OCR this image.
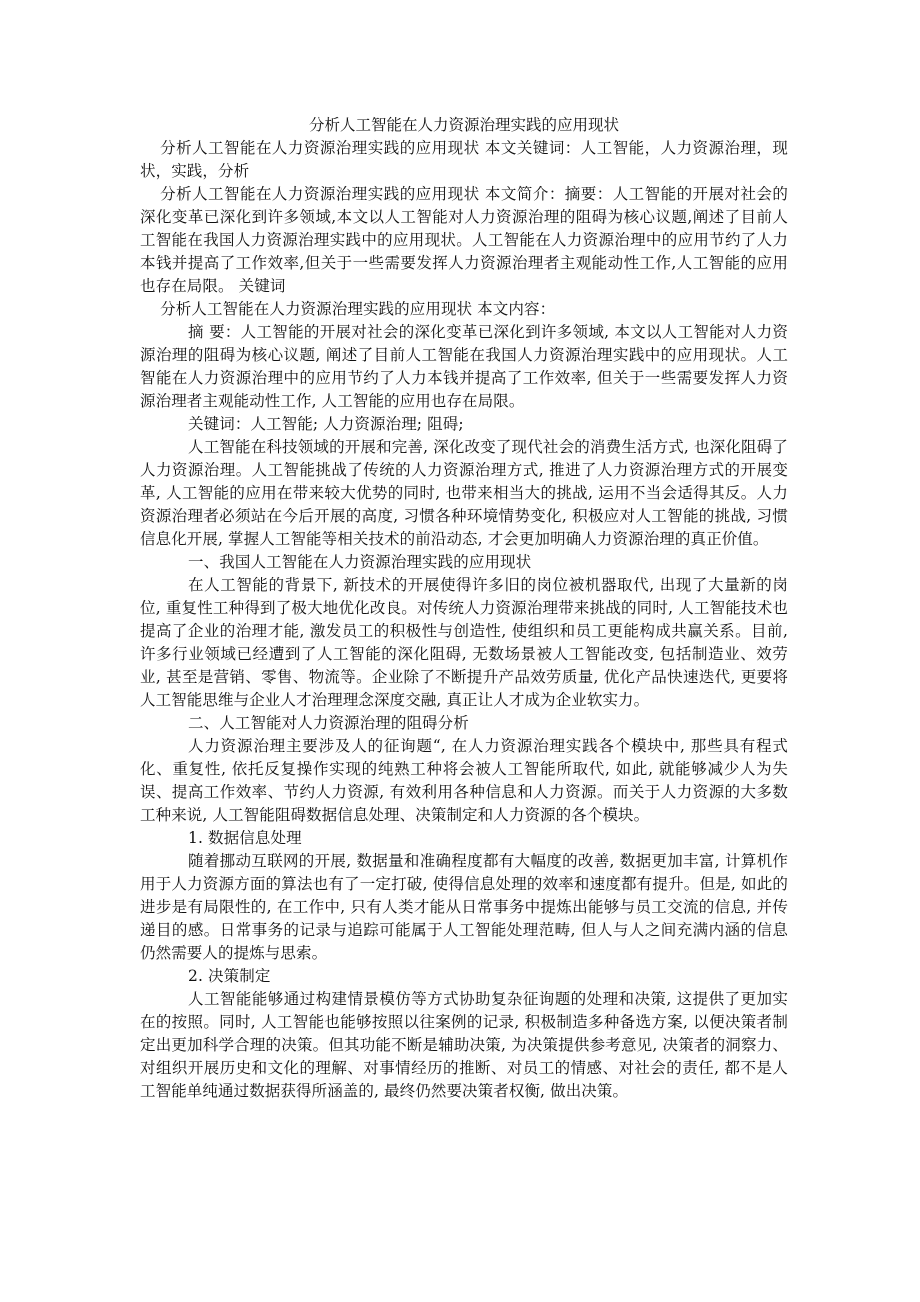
分析人工智能在人力资源治理实践的应用现状

分析人工智能在人力资源治理实践的应用现状 本文关键词：人工智能，人力资源治理，现状，实践，分析

分析人工智能在人力资源治理实践的应用现状 本文简介：摘要：人工智能的开展对社会的深化变革已深化到许多领域,本文以人工智能对人力资源治理的阻碍为核心议题,阐述了目前人工智能在我国人力资源治理实践中的应用现状。人工智能在人力资源治理中的应用节约了人力本钱并提高了工作效率,但关于一些需要发挥人力资源治理者主观能动性工作,人工智能的应用也存在局限。 关键词

分析人工智能在人力资源治理实践的应用现状 本文内容：

摘 要：人工智能的开展对社会的深化变革已深化到许多领域, 本文以人工智能对人力资源治理的阻碍为核心议题, 阐述了目前人工智能在我国人力资源治理实践中的应用现状。人工智能在人力资源治理中的应用节约了人力本钱并提高了工作效率, 但关于一些需要发挥人力资源治理者主观能动性工作, 人工智能的应用也存在局限。

关键词：人工智能; 人力资源治理; 阻碍;

人工智能在科技领域的开展和完善, 深化改变了现代社会的消费生活方式, 也深化阻碍了人力资源治理。人工智能挑战了传统的人力资源治理方式, 推进了人力资源治理方式的开展变革, 人工智能的应用在带来较大优势的同时, 也带来相当大的挑战, 运用不当会适得其反。人力资源治理者必须站在今后开展的高度, 习惯各种环境情势变化, 积极应对人工智能的挑战, 习惯信息化开展, 掌握人工智能等相关技术的前沿动态, 才会更加明确人力资源治理的真正价值。

一、我国人工智能在人力资源治理实践的应用现状

在人工智能的背景下, 新技术的开展使得许多旧的岗位被机器取代, 出现了大量新的岗位, 重复性工种得到了极大地优化改良。对传统人力资源治理带来挑战的同时, 人工智能技术也提高了企业的治理才能, 激发员工的积极性与创造性, 使组织和员工更能构成共赢关系。目前, 许多行业领域已经遭到了人工智能的深化阻碍, 无数场景被人工智能改变, 包括制造业、效劳业, 甚至是营销、零售、物流等。企业除了不断提升产品效劳质量, 优化产品快速迭代, 更要将人工智能思维与企业人才治理理念深度交融, 真正让人才成为企业软实力。

二、人工智能对人力资源治理的阻碍分析

人力资源治理主要涉及人的征询题“, 在人力资源治理实践各个模块中, 那些具有程式化、重复性, 依托反复操作实现的纯熟工种将会被人工智能所取代, 如此, 就能够减少人为失误、提高工作效率、节约人力资源, 有效利用各种信息和人力资源。而关于人力资源的大多数工种来说, 人工智能阻碍数据信息处理、决策制定和人力资源的各个模块。

1. 数据信息处理

随着挪动互联网的开展, 数据量和准确程度都有大幅度的改善, 数据更加丰富, 计算机作用于人力资源方面的算法也有了一定打破, 使得信息处理的效率和速度都有提升。但是, 如此的进步是有局限性的, 在工作中, 只有人类才能从日常事务中提炼出能够与员工交流的信息, 并传递目的感。日常事务的记录与追踪可能属于人工智能处理范畴, 但人与人之间充满内涵的信息仍然需要人的提炼与思索。

2. 决策制定

人工智能能够通过构建情景模仿等方式协助复杂征询题的处理和决策, 这提供了更加实在的按照。同时, 人工智能也能够按照以往案例的记录, 积极制造多种备选方案, 以便决策者制定出更加科学合理的决策。但其功能不断是辅助决策, 为决策提供参考意见, 决策者的洞察力、对组织开展历史和文化的理解、对事情经历的推断、对员工的情感、对社会的责任, 都不是人工智能单纯通过数据获得所涵盖的, 最终仍然要决策者权衡, 做出决策。
